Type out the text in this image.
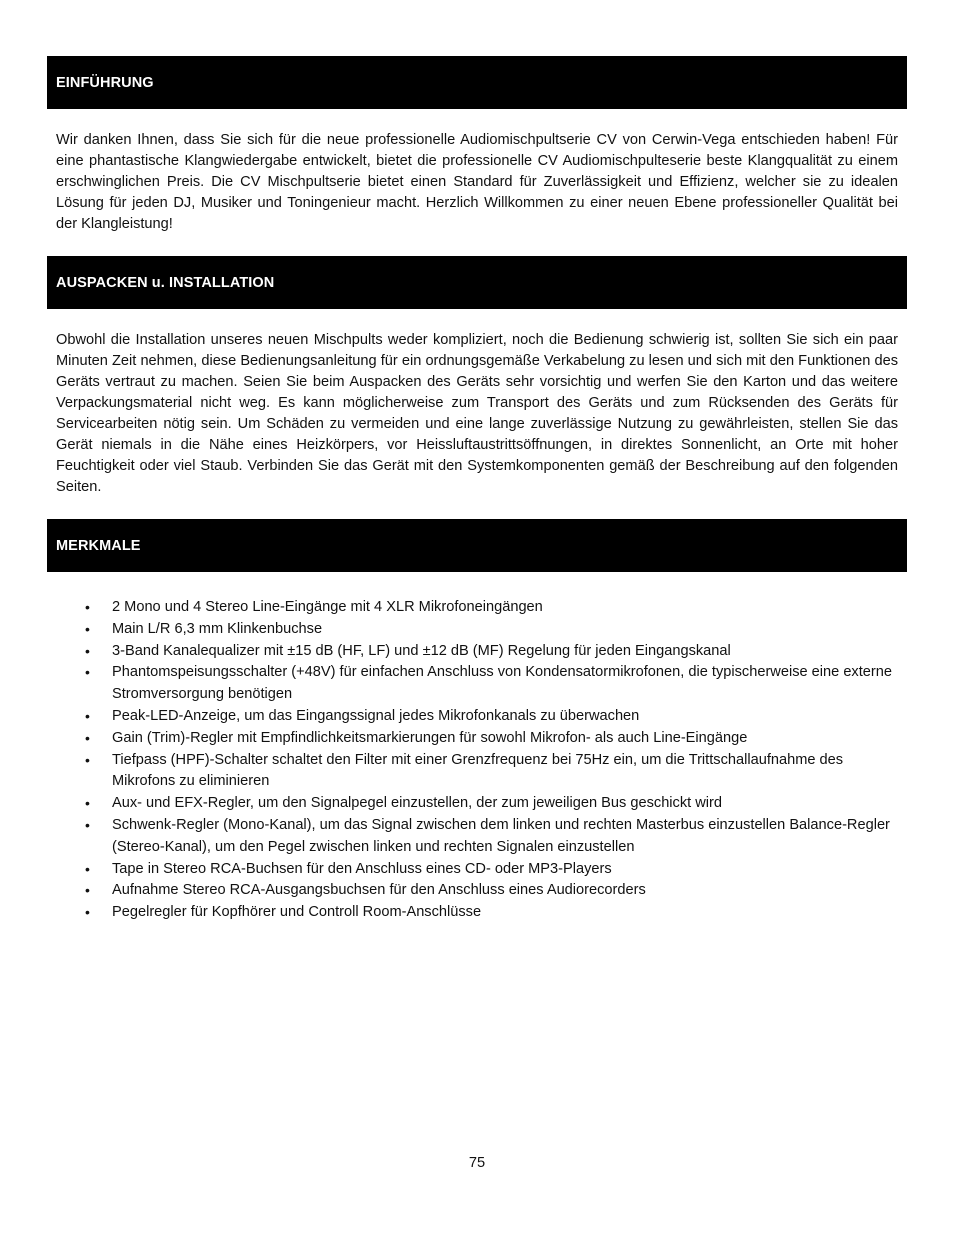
EINFÜHRUNG

Wir danken Ihnen, dass Sie sich für die neue professionelle Audiomischpultserie CV von Cerwin-Vega entschieden haben! Für eine phantastische Klangwiedergabe entwickelt, bietet die professionelle CV Audiomischpulteserie beste Klangqualität zu einem erschwinglichen Preis. Die CV Mischpultserie bietet einen Standard für Zuverlässigkeit und Effizienz, welcher sie zu idealen Lösung für jeden DJ, Musiker und Toningenieur macht. Herzlich Willkommen zu einer neuen Ebene professioneller Qualität bei der Klangleistung!

AUSPACKEN u. INSTALLATION

Obwohl die Installation unseres neuen Mischpults weder kompliziert, noch die Bedienung schwierig ist, sollten Sie sich ein paar Minuten Zeit nehmen, diese Bedienungsanleitung für ein ordnungsgemäße Verkabelung zu lesen und sich mit den Funktionen des Geräts vertraut zu machen. Seien Sie beim Auspacken des Geräts sehr vorsichtig und werfen Sie den Karton und das weitere Verpackungsmaterial nicht weg. Es kann möglicherweise zum Transport des Geräts und zum Rücksenden des Geräts für Servicearbeiten nötig sein. Um Schäden zu vermeiden und eine lange zuverlässige Nutzung zu gewährleisten, stellen Sie das Gerät niemals in die Nähe eines Heizkörpers, vor Heissluftaustrittsöffnungen, in direktes Sonnenlicht, an Orte mit hoher Feuchtigkeit oder viel Staub. Verbinden Sie das Gerät mit den Systemkomponenten gemäß der Beschreibung auf den folgenden Seiten.

MERKMALE
• 2 Mono und 4 Stereo Line-Eingänge mit 4 XLR Mikrofoneingängen
• Main L/R 6,3 mm Klinkenbuchse
• 3-Band Kanalequalizer mit ±15 dB (HF, LF) und ±12 dB (MF) Regelung für jeden Eingangskanal
• Phantomspeisungsschalter (+48V) für einfachen Anschluss von Kondensatormikrofonen, die typischerweise eine externe Stromversorgung benötigen
• Peak-LED-Anzeige, um das Eingangssignal jedes Mikrofonkanals zu überwachen
• Gain (Trim)-Regler mit Empfindlichkeitsmarkierungen für sowohl Mikrofon- als auch Line-Eingänge
• Tiefpass (HPF)-Schalter schaltet den Filter mit einer Grenzfrequenz bei 75Hz ein, um die Trittschallaufnahme des Mikrofons zu eliminieren
• Aux- und EFX-Regler, um den Signalpegel einzustellen, der zum jeweiligen Bus geschickt wird
• Schwenk-Regler (Mono-Kanal), um das Signal zwischen dem linken und rechten Masterbus einzustellen Balance-Regler (Stereo-Kanal), um den Pegel zwischen linken und rechten Signalen einzustellen
• Tape in Stereo RCA-Buchsen für den Anschluss eines CD- oder MP3-Players
• Aufnahme Stereo RCA-Ausgangsbuchsen für den Anschluss eines Audiorecorders
• Pegelregler für Kopfhörer und Controll Room-Anschlüsse
75
